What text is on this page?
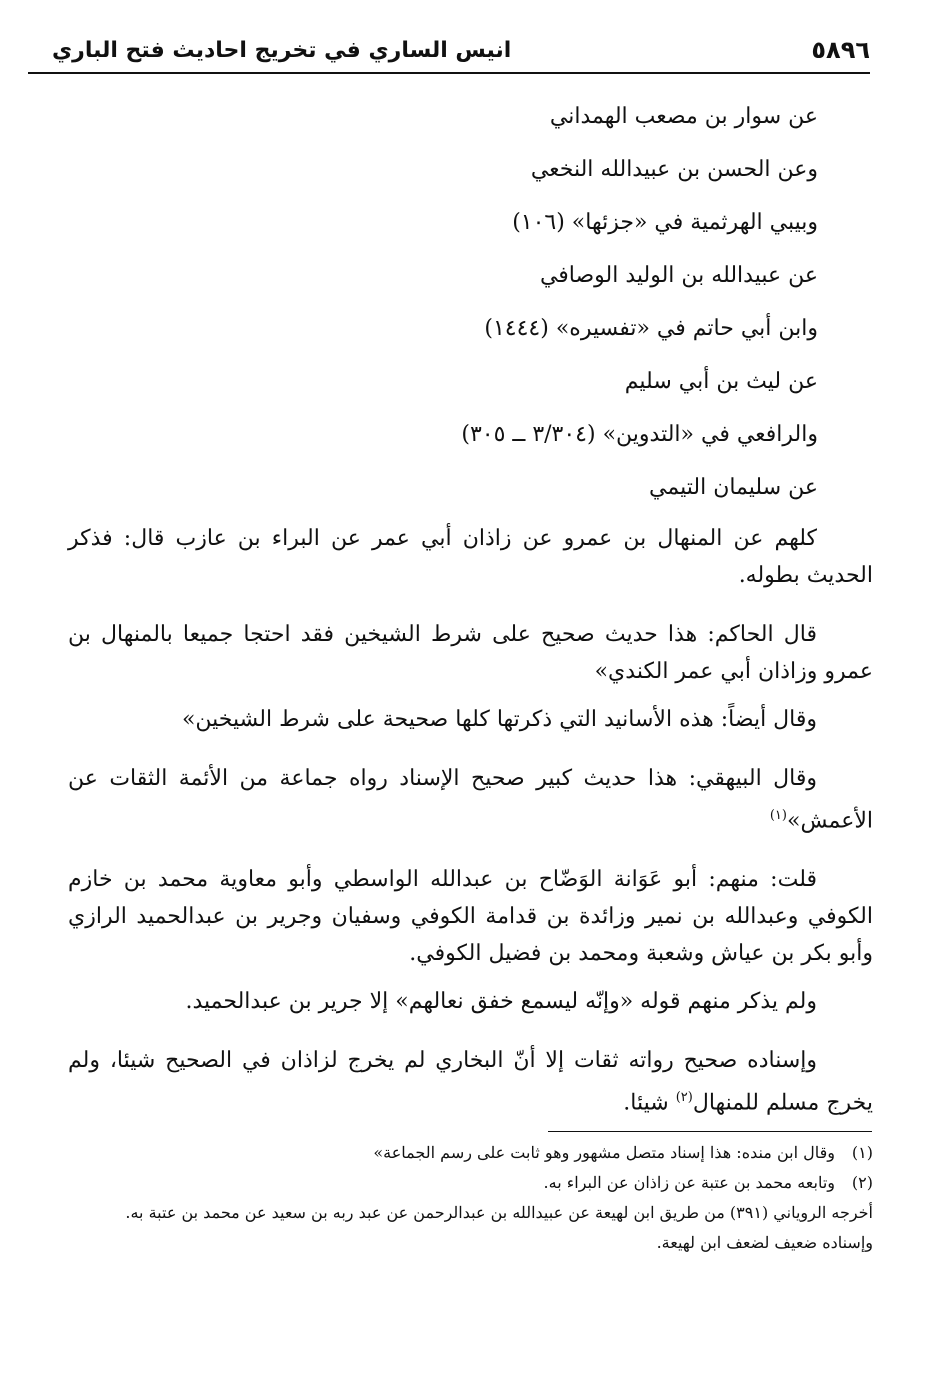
انيس الساري في تخريج احاديث فتح الباري	٥٨٩٦
عن سوار بن مصعب الهمداني
وعن الحسن بن عبيدالله النخعي
وبيبي الهرثمية في «جزئها» (١٠٦)
عن عبيدالله بن الوليد الوصافي
وابن أبي حاتم في «تفسيره» (١٤٤٤)
عن ليث بن أبي سليم
والرافعي في «التدوين» (٣/٣٠٤ ــ ٣٠٥)
عن سليمان التيمي

كلهم عن المنهال بن عمرو عن زاذان أبي عمر عن البراء بن عازب قال: فذكر الحديث بطوله.

قال الحاكم: هذا حديث صحيح على شرط الشيخين فقد احتجا جميعا بالمنهال بن عمرو وزاذان أبي عمر الكندي»

وقال أيضاً: هذه الأسانيد التي ذكرتها كلها صحيحة على شرط الشيخين»

وقال البيهقي: هذا حديث كبير صحيح الإسناد رواه جماعة من الأئمة الثقات عن الأعمش»$^{(١)}$

قلت: منهم: أبو عَوَانة الوَضّاح بن عبدالله الواسطي وأبو معاوية محمد بن خازم الكوفي وعبدالله بن نمير وزائدة بن قدامة الكوفي وسفيان وجرير بن عبدالحميد الرازي وأبو بكر بن عياش وشعبة ومحمد بن فضيل الكوفي.

ولم يذكر منهم قوله «وإنّه ليسمع خفق نعالهم» إلا جرير بن عبدالحميد.

وإسناده صحيح رواته ثقات إلا أنّ البخاري لم يخرج لزاذان في الصحيح شيئا، ولم يخرج مسلم للمنهال$^{(٢)}$ شيئا.

(١)
وقال ابن منده: هذا إسناد متصل مشهور وهو ثابت على رسم الجماعة»
(٢)
وتابعه محمد بن عتبة عن زاذان عن البراء به.
أخرجه الروياني (٣٩١) من طريق ابن لهيعة عن عبيدالله بن عبدالرحمن عن عبد ربه بن سعيد عن محمد بن عتبة به.
وإسناده ضعيف لضعف ابن لهيعة.
